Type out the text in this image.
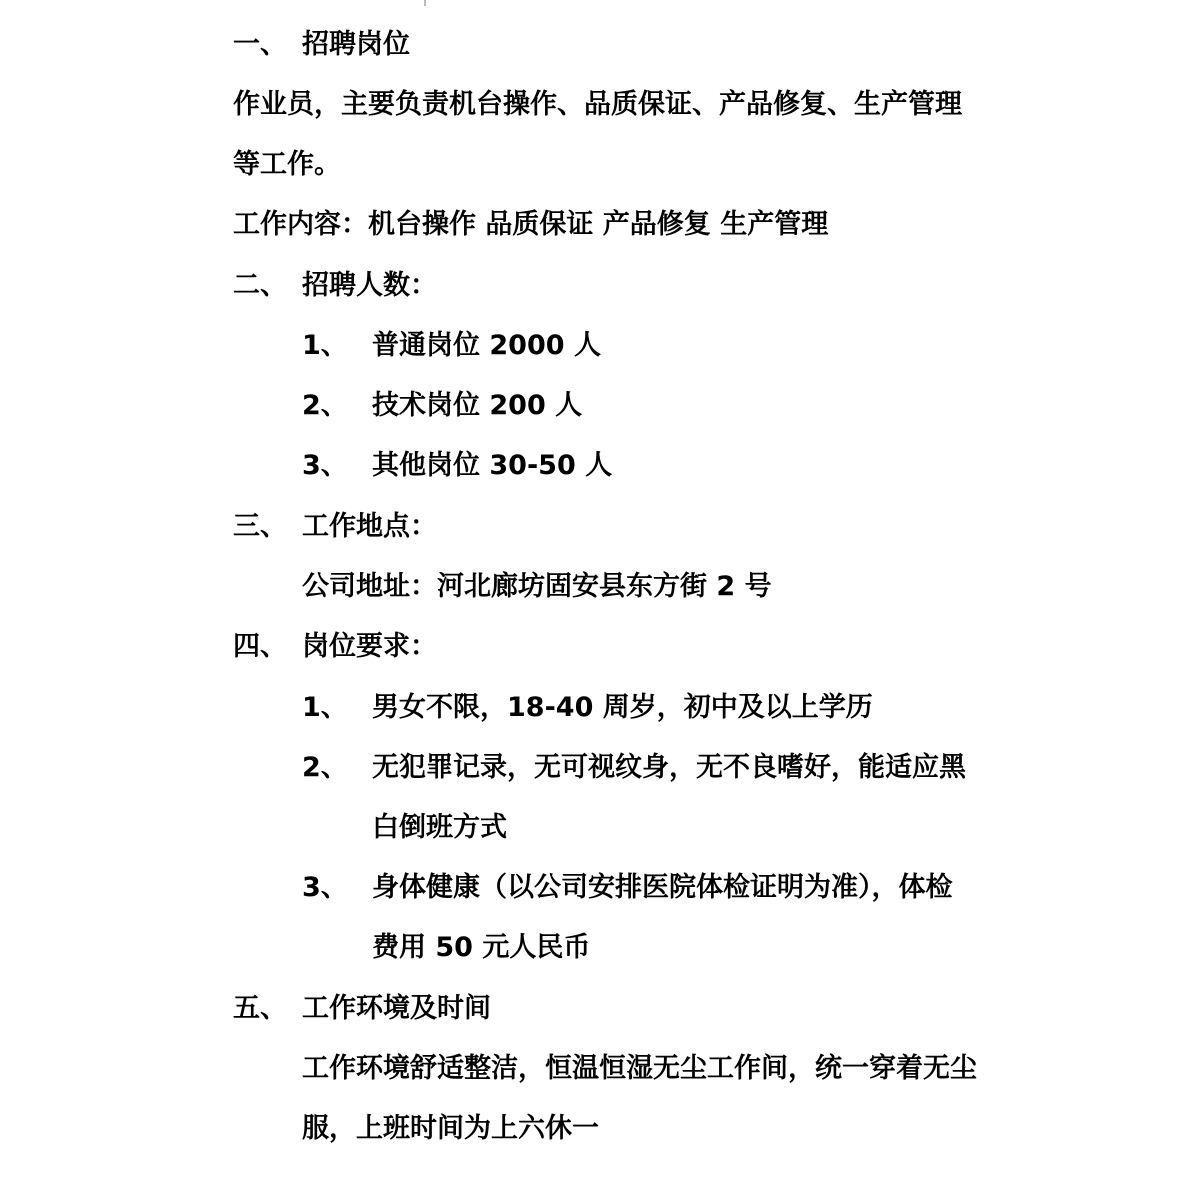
一、 招聘岗位
作业员，主要负责机台操作、品质保证、产品修复、生产管理
等工作。
工作内容：机台操作 品质保证 产品修复 生产管理
二、 招聘人数：
1、 普通岗位 2000 人
2、 技术岗位 200 人
3、 其他岗位 30-50 人
三、 工作地点：
公司地址：河北廊坊固安县东方街 2 号
四、 岗位要求：
1、 男女不限，18-40 周岁，初中及以上学历
2、 无犯罪记录，无可视纹身，无不良嗜好，能适应黑
白倒班方式
3、 身体健康（以公司安排医院体检证明为准），体检
费用 50 元人民币
五、 工作环境及时间
工作环境舒适整洁，恒温恒湿无尘工作间，统一穿着无尘
服，上班时间为上六休一
